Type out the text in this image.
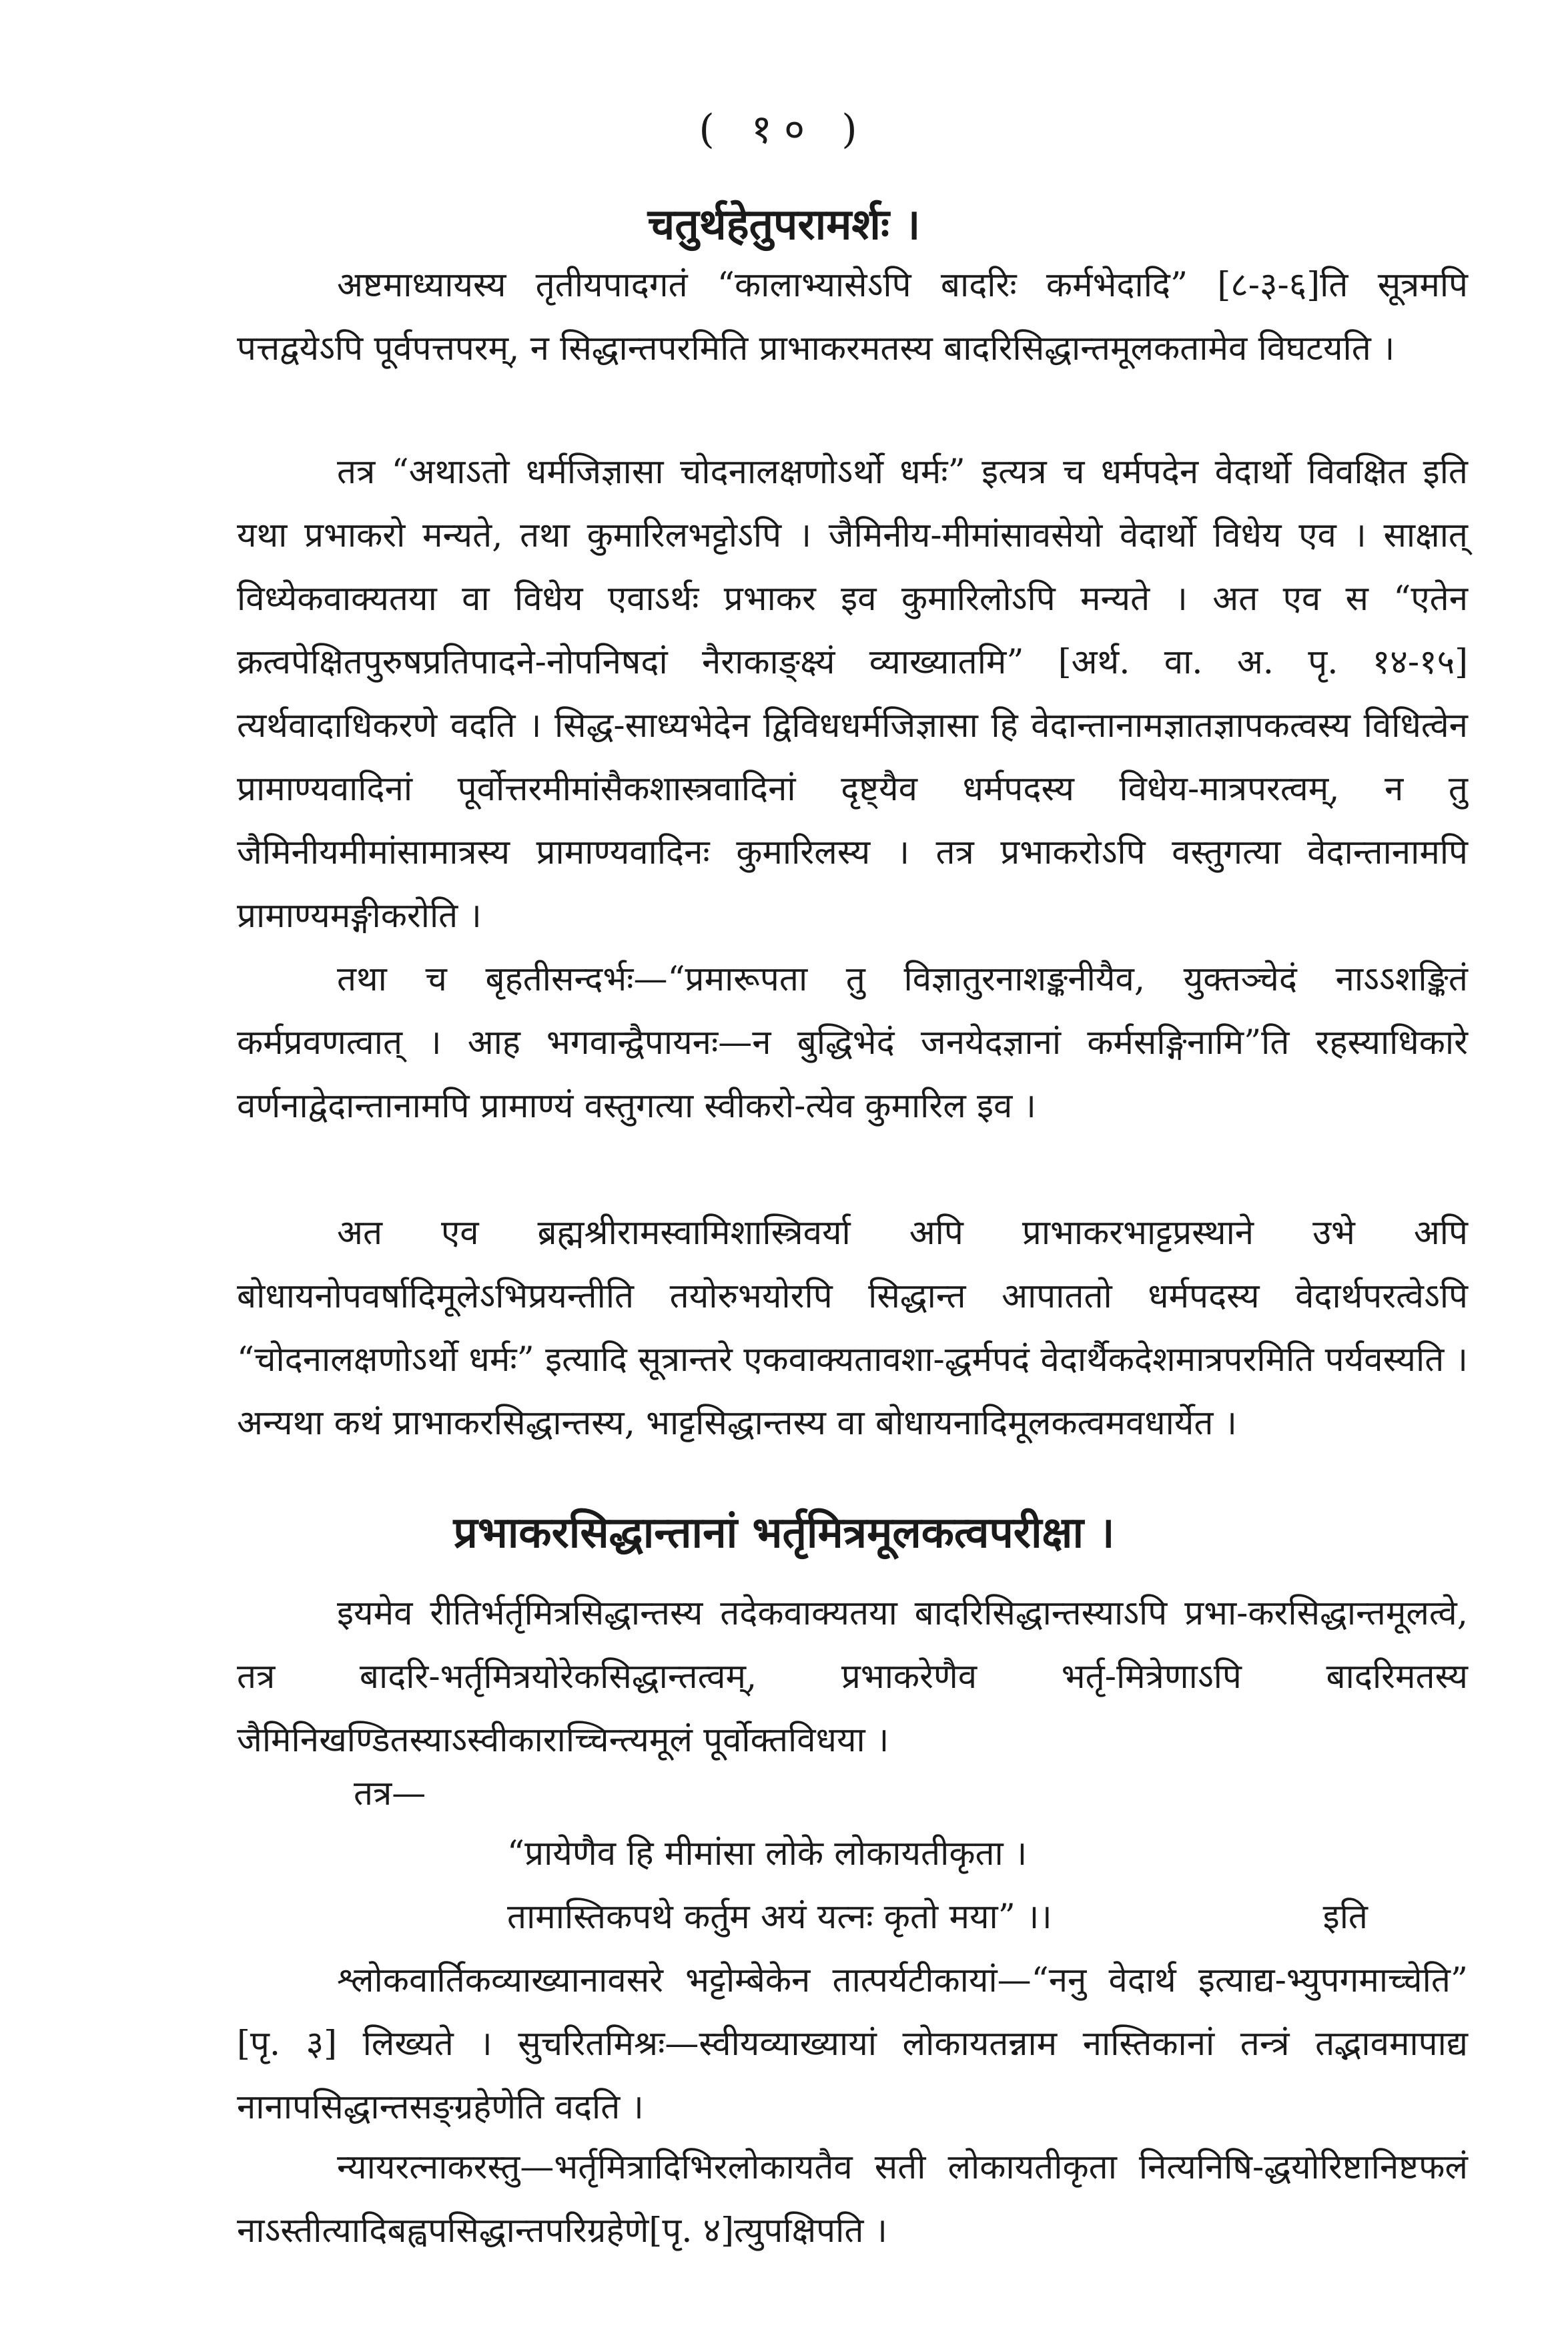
( १० )
चतुर्थहेतुपरामर्शः ।

अष्टमाध्यायस्य तृतीयपादगतं “कालाभ्यासेऽपि बादरिः कर्मभेदादि” [८-३-६]ति सूत्रमपि पत्तद्वयेऽपि पूर्वपत्तपरम्, न सिद्धान्तपरमिति प्राभाकरमतस्य बादरिसिद्धान्तमूलकतामेव विघटयति ।

तत्र “अथाऽतो धर्मजिज्ञासा चोदनालक्षणोऽर्थो धर्मः” इत्यत्र च धर्मपदेन वेदार्थो विवक्षित इति यथा प्रभाकरो मन्यते, तथा कुमारिलभट्टोऽपि । जैमिनीय-मीमांसावसेयो वेदार्थो विधेय एव । साक्षात् विध्येकवाक्यतया वा विधेय एवाऽर्थः प्रभाकर इव कुमारिलोऽपि मन्यते । अत एव स “एतेन क्रत्वपेक्षितपुरुषप्रतिपादने-नोपनिषदां नैराकाङ्क्ष्यं व्याख्यातमि” [अर्थ. वा. अ. पृ. १४-१५] त्यर्थवादाधिकरणे वदति । सिद्ध-साध्यभेदेन द्विविधधर्मजिज्ञासा हि वेदान्तानामज्ञातज्ञापकत्वस्य विधित्वेन प्रामाण्यवादिनां पूर्वोत्तरमीमांसैकशास्त्रवादिनां दृष्ट्यैव धर्मपदस्य विधेय-मात्रपरत्वम्, न तु जैमिनीयमीमांसामात्रस्य प्रामाण्यवादिनः कुमारिलस्य । तत्र प्रभाकरोऽपि वस्तुगत्या वेदान्तानामपि प्रामाण्यमङ्गीकरोति ।

तथा च बृहतीसन्दर्भः—“प्रमारूपता तु विज्ञातुरनाशङ्कनीयैव, युक्तञ्चेदं नाऽऽशङ्कितं कर्मप्रवणत्वात् । आह भगवान्द्वैपायनः—न बुद्धिभेदं जनयेदज्ञानां कर्मसङ्गिनामि”ति रहस्याधिकारे वर्णनाद्वेदान्तानामपि प्रामाण्यं वस्तुगत्या स्वीकरो-त्येव कुमारिल इव ।

अत एव ब्रह्मश्रीरामस्वामिशास्त्रिवर्या अपि प्राभाकरभाट्टप्रस्थाने उभे अपि बोधायनोपवर्षादिमूलेऽभिप्रयन्तीति तयोरुभयोरपि सिद्धान्त आपाततो धर्मपदस्य वेदार्थपरत्वेऽपि “चोदनालक्षणोऽर्थो धर्मः” इत्यादि सूत्रान्तरे एकवाक्यतावशा-द्धर्मपदं वेदार्थैकदेशमात्रपरमिति पर्यवस्यति । अन्यथा कथं प्राभाकरसिद्धान्तस्य, भाट्टसिद्धान्तस्य वा बोधायनादिमूलकत्वमवधार्येत ।

प्रभाकरसिद्धान्तानां भर्तृमित्रमूलकत्वपरीक्षा ।

इयमेव रीतिर्भर्तृमित्रसिद्धान्तस्य तदेकवाक्यतया बादरिसिद्धान्तस्याऽपि प्रभा-करसिद्धान्तमूलत्वे, तत्र बादरि-भर्तृमित्रयोरेकसिद्धान्तत्वम्, प्रभाकरेणैव भर्तृ-मित्रेणाऽपि बादरिमतस्य जैमिनिखण्डितस्याऽस्वीकाराच्चिन्त्यमूलं पूर्वोक्तविधया ।

तत्र—
“प्रायेणैव हि मीमांसा लोके लोकायतीकृता ।
तामास्तिकपथे कर्तुम अयं यत्नः कृतो मया” ।।	इति

श्लोकवार्तिकव्याख्यानावसरे भट्टोम्बेकेन तात्पर्यटीकायां—“ननु वेदार्थ इत्याद्य-भ्युपगमाच्चेति” [पृ. ३] लिख्यते । सुचरितमिश्रः—स्वीयव्याख्यायां लोकायतन्नाम नास्तिकानां तन्त्रं तद्भावमापाद्य नानापसिद्धान्तसङ्ग्रहेणेति वदति ।

न्यायरत्नाकरस्तु—भर्तृमित्रादिभिरलोकायतैव सती लोकायतीकृता नित्यनिषि-द्धयोरिष्टानिष्टफलं नाऽस्तीत्यादिबह्वपसिद्धान्तपरिग्रहेणे[पृ. ४]त्युपक्षिपति ।
